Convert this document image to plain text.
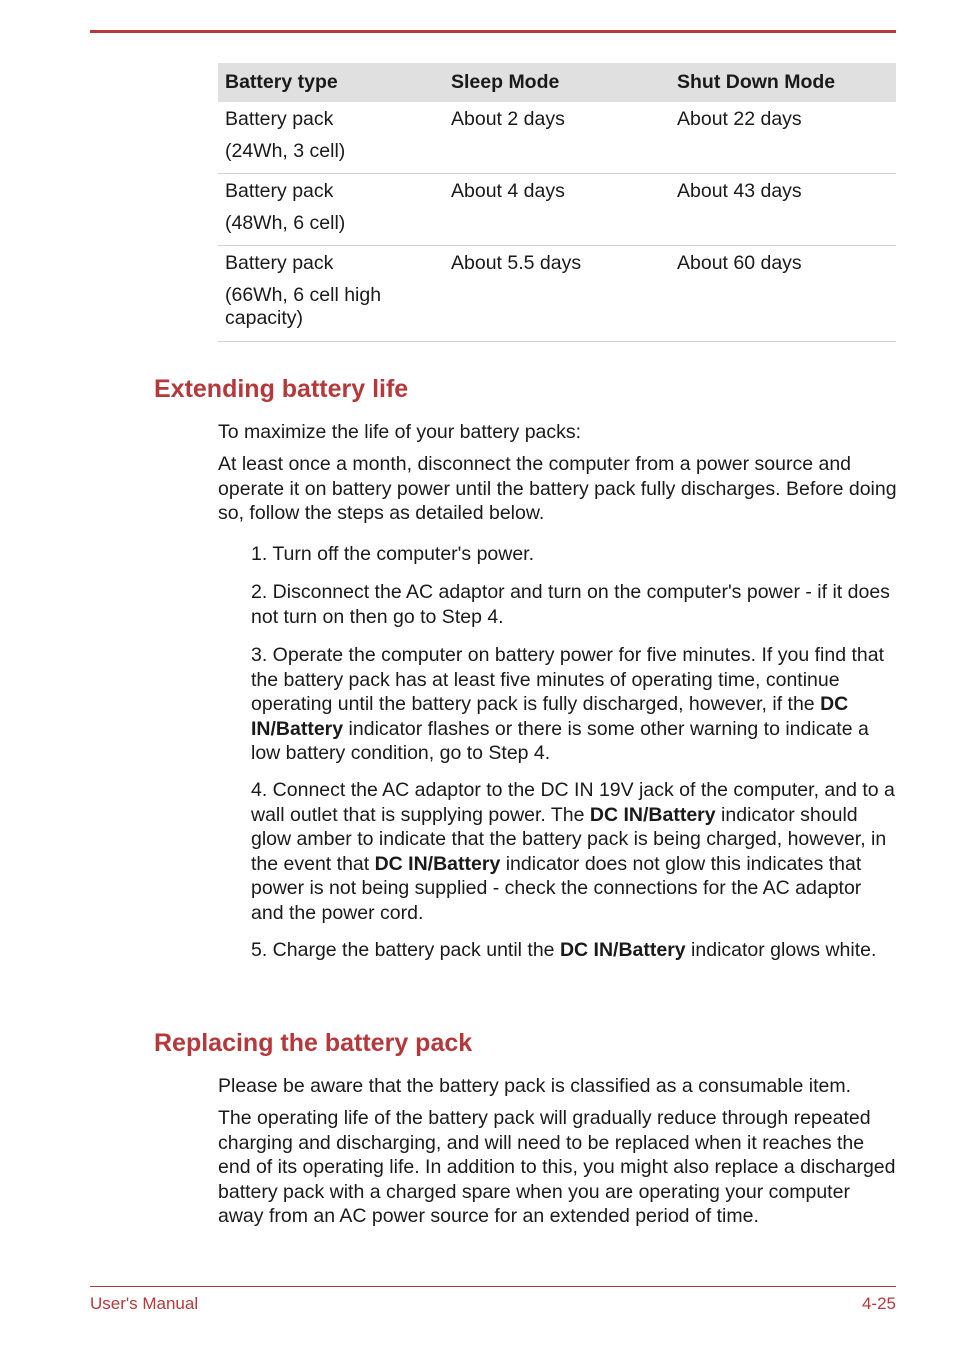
Battery type	Sleep Mode	Shut Down Mode
Battery pack
(24Wh, 3 cell)	About 2 days	About 22 days
Battery pack
(48Wh, 6 cell)	About 4 days	About 43 days
Battery pack
(66Wh, 6 cell high capacity)	About 5.5 days	About 60 days
Extending battery life

To maximize the life of your battery packs:

At least once a month, disconnect the computer from a power source and operate it on battery power until the battery pack fully discharges. Before doing so, follow the steps as detailed below.

1. Turn off the computer's power.

2. Disconnect the AC adaptor and turn on the computer's power - if it does not turn on then go to Step 4.

3. Operate the computer on battery power for five minutes. If you find that the battery pack has at least five minutes of operating time, continue operating until the battery pack is fully discharged, however, if the DC IN/Battery indicator flashes or there is some other warning to indicate a low battery condition, go to Step 4.

4. Connect the AC adaptor to the DC IN 19V jack of the computer, and to a wall outlet that is supplying power. The DC IN/Battery indicator should glow amber to indicate that the battery pack is being charged, however, in the event that DC IN/Battery indicator does not glow this indicates that power is not being supplied - check the connections for the AC adaptor and the power cord.

5. Charge the battery pack until the DC IN/Battery indicator glows white.

Replacing the battery pack

Please be aware that the battery pack is classified as a consumable item.

The operating life of the battery pack will gradually reduce through repeated charging and discharging, and will need to be replaced when it reaches the end of its operating life. In addition to this, you might also replace a discharged battery pack with a charged spare when you are operating your computer away from an AC power source for an extended period of time.

User's Manual	4-25
